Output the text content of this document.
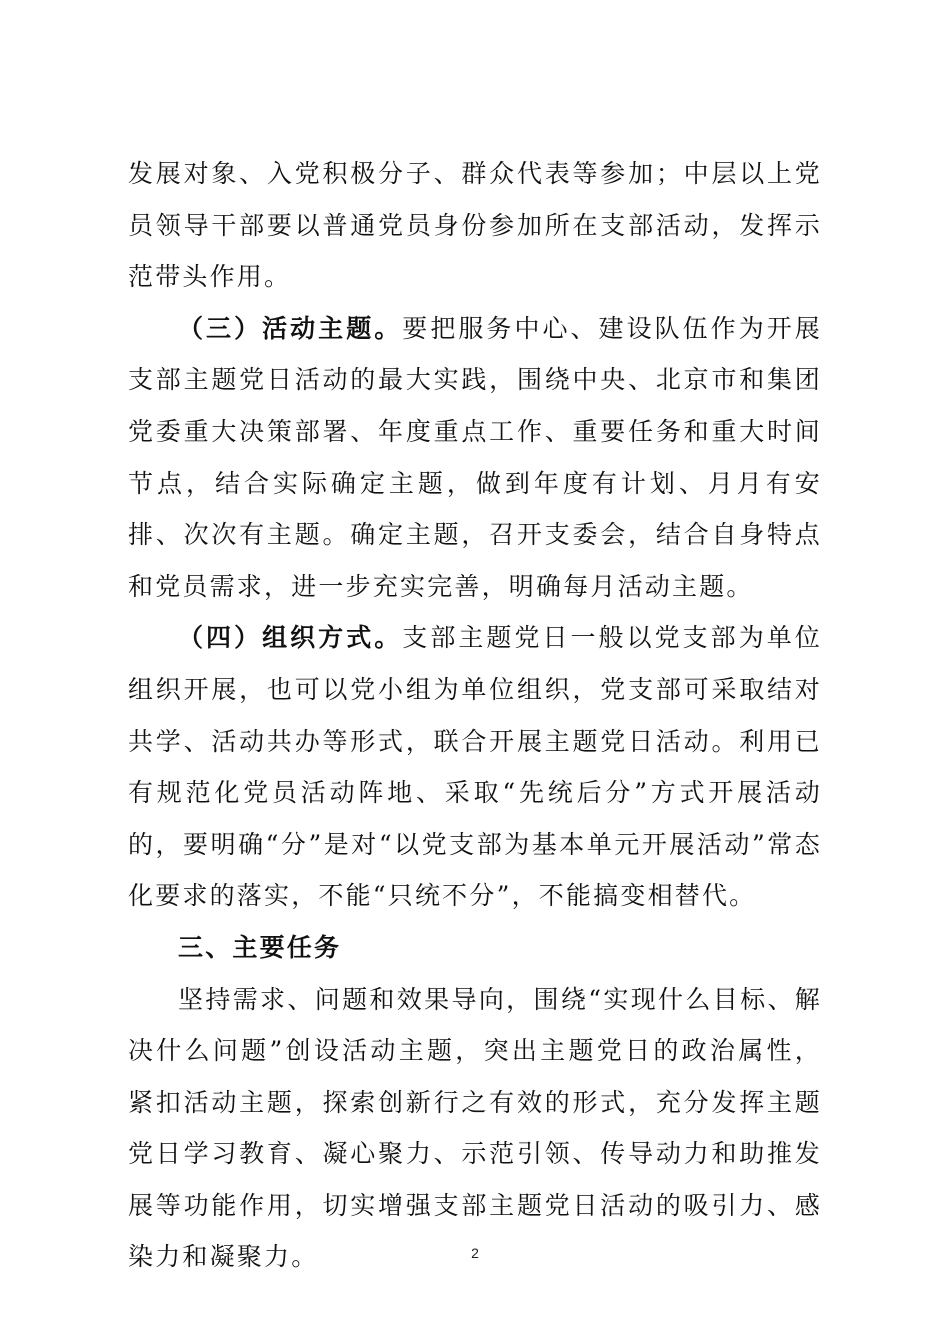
发展对象、入党积极分子、群众代表等参加；中层以上党员领导干部要以普通党员身份参加所在支部活动，发挥示范带头作用。

（三）活动主题。要把服务中心、建设队伍作为开展支部主题党日活动的最大实践，围绕中央、北京市和集团党委重大决策部署、年度重点工作、重要任务和重大时间节点，结合实际确定主题，做到年度有计划、月月有安排、次次有主题。确定主题，召开支委会，结合自身特点和党员需求，进一步充实完善，明确每月活动主题。

（四）组织方式。支部主题党日一般以党支部为单位组织开展，也可以党小组为单位组织，党支部可采取结对共学、活动共办等形式，联合开展主题党日活动。利用已有规范化党员活动阵地、采取“先统后分”方式开展活动的，要明确“分”是对“以党支部为基本单元开展活动”常态化要求的落实，不能“只统不分”，不能搞变相替代。

三、主要任务

坚持需求、问题和效果导向，围绕“实现什么目标、解决什么问题”创设活动主题，突出主题党日的政治属性，紧扣活动主题，探索创新行之有效的形式，充分发挥主题党日学习教育、凝心聚力、示范引领、传导动力和助推发展等功能作用，切实增强支部主题党日活动的吸引力、感染力和凝聚力。	2
